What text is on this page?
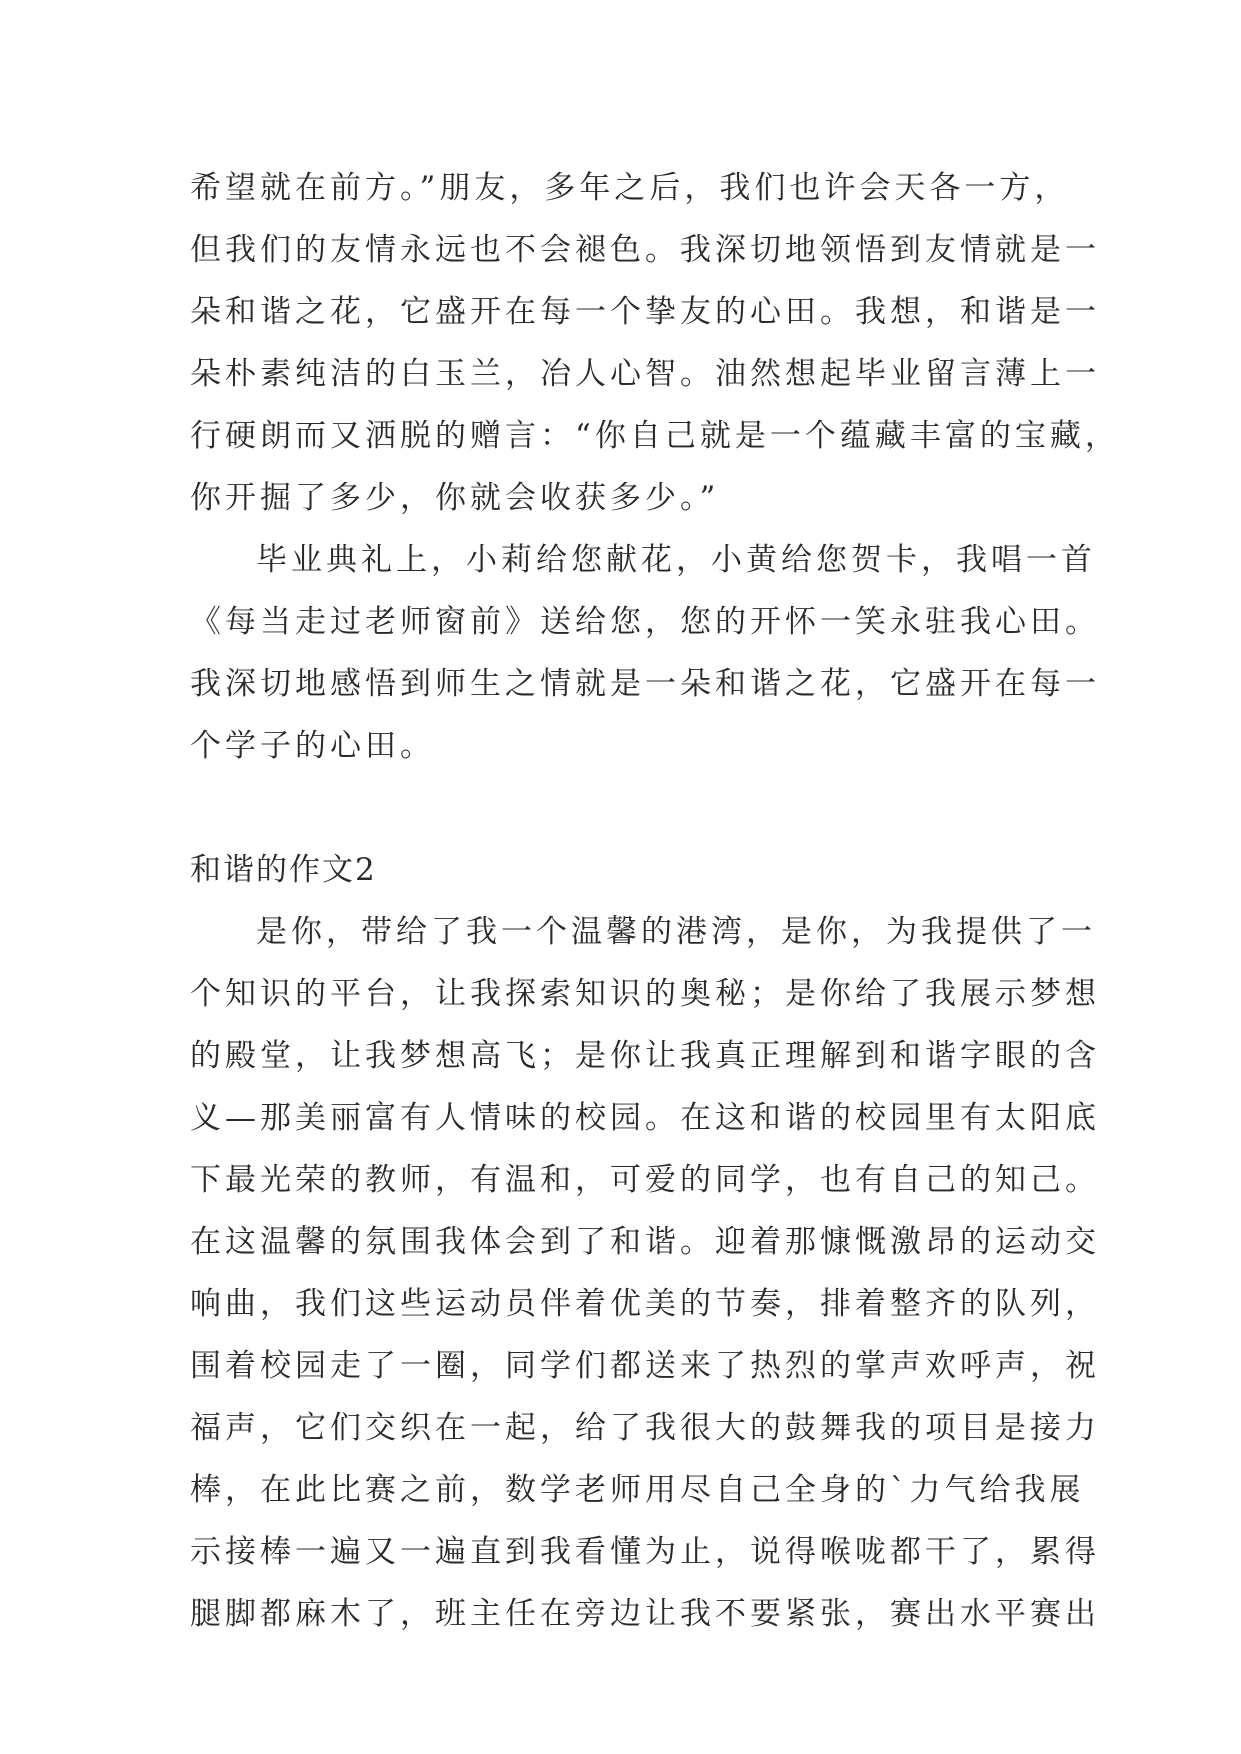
希望就在前方。”朋友，多年之后，我们也许会天各一方，
但我们的友情永远也不会褪色。我深切地领悟到友情就是一
朵和谐之花，它盛开在每一个挚友的心田。我想，和谐是一
朵朴素纯洁的白玉兰，冶人心智。油然想起毕业留言薄上一
行硬朗而又洒脱的赠言：“你自己就是一个蕴藏丰富的宝藏，
你开掘了多少，你就会收获多少。”
毕业典礼上，小莉给您献花，小黄给您贺卡，我唱一首
《每当走过老师窗前》送给您，您的开怀一笑永驻我心田。
我深切地感悟到师生之情就是一朵和谐之花，它盛开在每一
个学子的心田。
和谐的作文2
是你，带给了我一个温馨的港湾，是你，为我提供了一
个知识的平台，让我探索知识的奥秘；是你给了我展示梦想
的殿堂，让我梦想高飞；是你让我真正理解到和谐字眼的含
义—那美丽富有人情味的校园。在这和谐的校园里有太阳底
下最光荣的教师，有温和，可爱的同学，也有自己的知己。
在这温馨的氛围我体会到了和谐。迎着那慷慨激昂的运动交
响曲，我们这些运动员伴着优美的节奏，排着整齐的队列，
围着校园走了一圈，同学们都送来了热烈的掌声欢呼声，祝
福声，它们交织在一起，给了我很大的鼓舞我的项目是接力
棒，在此比赛之前，数学老师用尽自己全身的`力气给我展
示接棒一遍又一遍直到我看懂为止，说得喉咙都干了，累得
腿脚都麻木了，班主任在旁边让我不要紧张，赛出水平赛出
